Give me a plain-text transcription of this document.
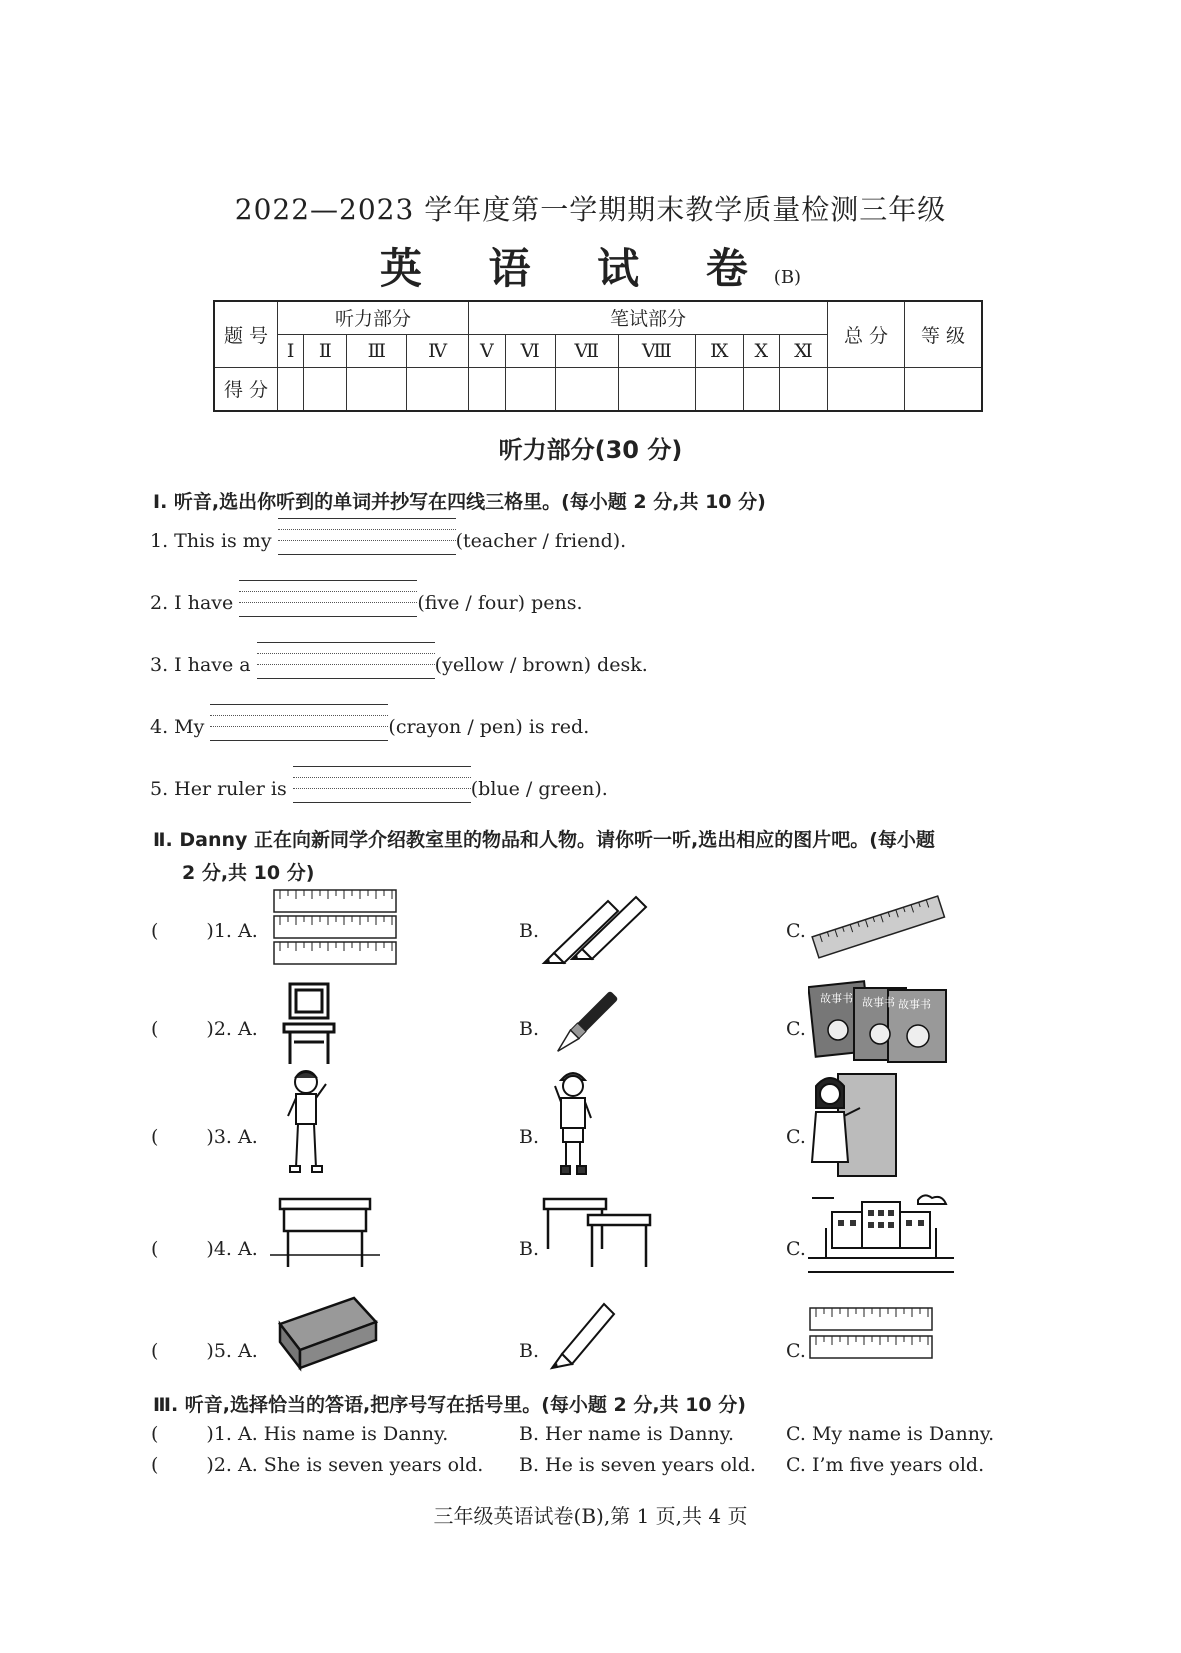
2022—2023 学年度第一学期期末教学质量检测三年级
英 语 试 卷(B)
题 号	听力部分				笔试部分							总 分	等 级
	Ⅰ	Ⅱ	Ⅲ	Ⅳ	Ⅴ	Ⅵ	Ⅶ	Ⅷ	Ⅸ	Ⅹ	Ⅺ		
得 分													
听力部分(30 分)
Ⅰ. 听音,选出你听到的单词并抄写在四线三格里。(每小题 2 分,共 10 分)
1. This is my	(teacher / friend).
2. I have	(five / four) pens.
3. I have a	(yellow / brown) desk.
4. My	(crayon / pen) is red.
5. Her ruler is	(blue / green).
Ⅱ. Danny 正在向新同学介绍教室里的物品和人物。请你听一听,选出相应的图片吧。(每小题
2 分,共 10 分)
(	)1. A.	B.	C.
(	)2. A.	B.	C.
(	)3. A.	B.	C.
(	)4. A.	B.	C.
(	)5. A.	B.	C.
故事书 故事书 故事书
Ⅲ. 听音,选择恰当的答语,把序号写在括号里。(每小题 2 分,共 10 分)
(	)1. A. His name is Danny.	B. Her name is Danny.	C. My name is Danny.
(	)2. A. She is seven years old. B. He is seven years old. C. I’m five years old.
三年级英语试卷(B),第 1 页,共 4 页
